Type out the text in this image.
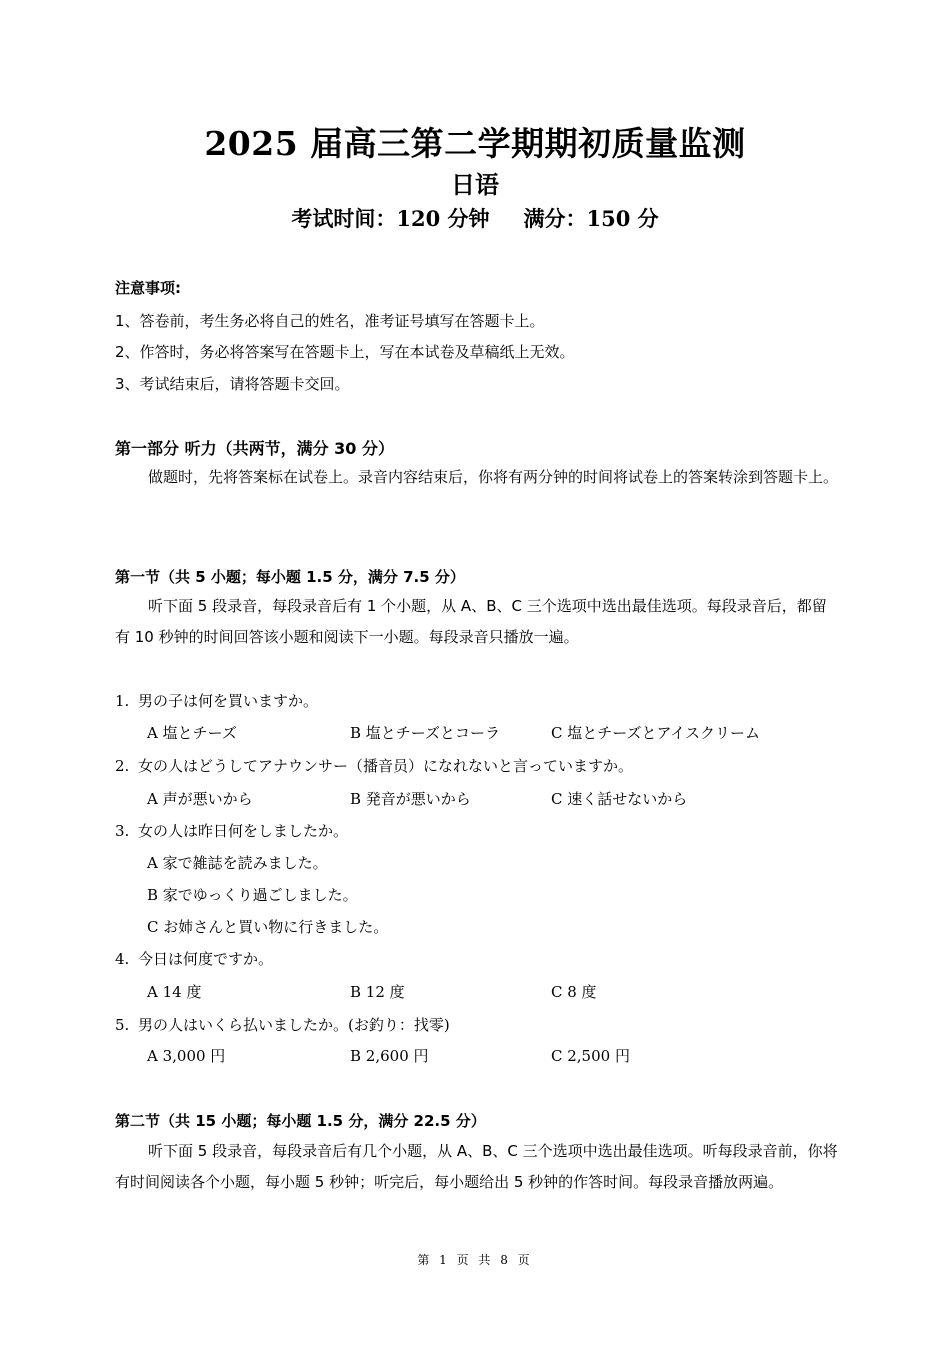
2025 届高三第二学期期初质量监测
日语
考试时间：120 分钟 满分：150 分
注意事项:
1、答卷前，考生务必将自己的姓名，准考证号填写在答题卡上。
2、作答时，务必将答案写在答题卡上，写在本试卷及草稿纸上无效。
3、考试结束后，请将答题卡交回。
第一部分 听力（共两节，满分 30 分）
做题时，先将答案标在试卷上。录音内容结束后，你将有两分钟的时间将试卷上的答案转涂到答题卡上。
第一节（共 5 小题；每小题 1.5 分，满分 7.5 分）
听下面 5 段录音，每段录音后有 1 个小题，从 A、B、C 三个选项中选出最佳选项。每段录音后，都留有 10 秒钟的时间回答该小题和阅读下一小题。每段录音只播放一遍。
1. 男の子は何を買いますか。
A 塩とチーズ	B 塩とチーズとコーラ	C 塩とチーズとアイスクリーム
2. 女の人はどうしてアナウンサー（播音员）になれないと言っていますか。
A 声が悪いから	B 発音が悪いから	C 速く話せないから
3. 女の人は昨日何をしましたか。
A 家で雑誌を読みました。
B 家でゆっくり過ごしました。
C お姉さんと買い物に行きました。
4. 今日は何度ですか。
A 14 度	B 12 度	C 8 度
5. 男の人はいくら払いましたか。(お釣り：找零)
A 3,000 円	B 2,600 円	C 2,500 円
第二节（共 15 小题；每小题 1.5 分，满分 22.5 分）
听下面 5 段录音，每段录音后有几个小题，从 A、B、C 三个选项中选出最佳选项。听每段录音前，你将有时间阅读各个小题，每小题 5 秒钟；听完后，每小题给出 5 秒钟的作答时间。每段录音播放两遍。
第 1 页 共 8 页
